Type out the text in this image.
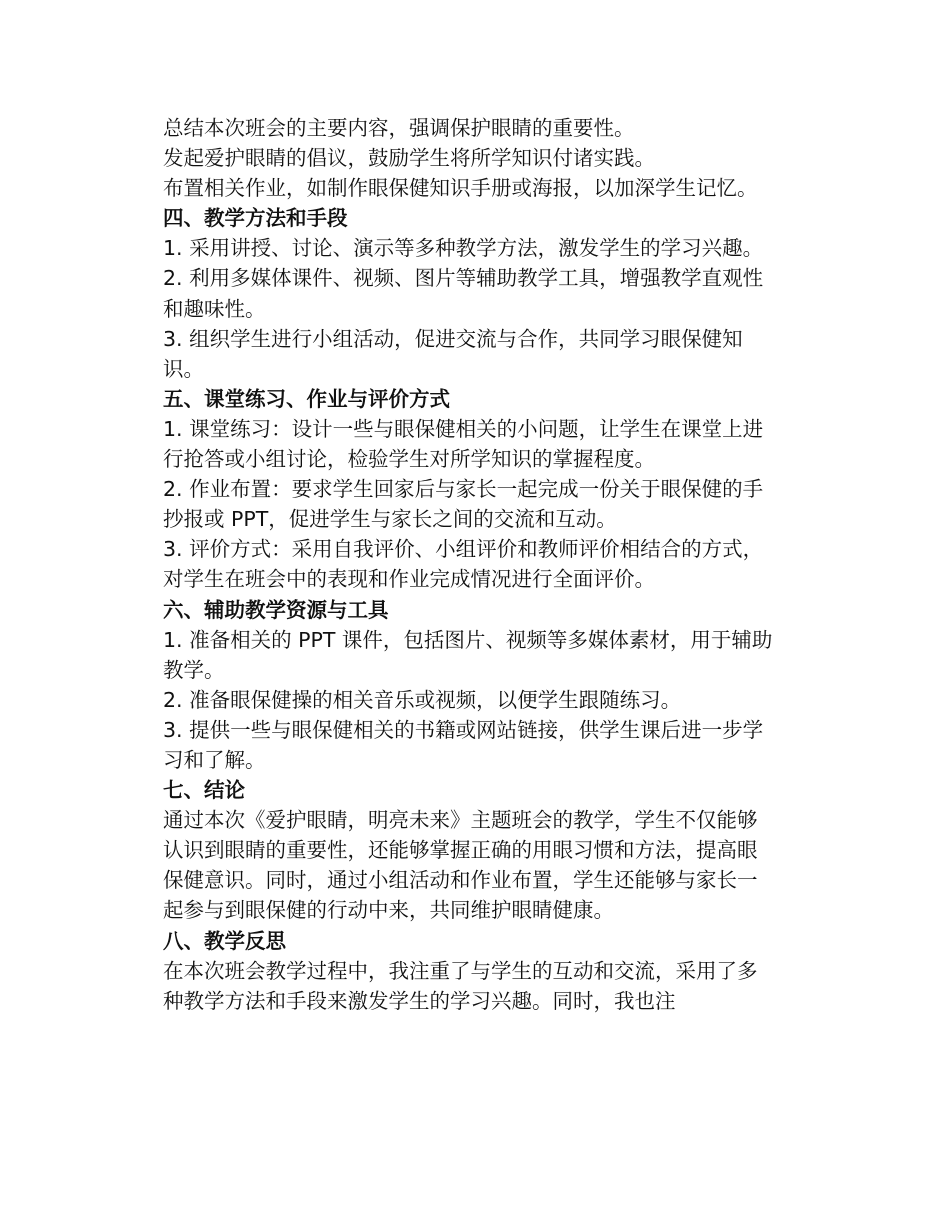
总结本次班会的主要内容，强调保护眼睛的重要性。

发起爱护眼睛的倡议，鼓励学生将所学知识付诸实践。

布置相关作业，如制作眼保健知识手册或海报，以加深学生记忆。

四、教学方法和手段

1. 采用讲授、讨论、演示等多种教学方法，激发学生的学习兴趣。

2. 利用多媒体课件、视频、图片等辅助教学工具，增强教学直观性和趣味性。

3. 组织学生进行小组活动，促进交流与合作，共同学习眼保健知识。

五、课堂练习、作业与评价方式

1. 课堂练习：设计一些与眼保健相关的小问题，让学生在课堂上进行抢答或小组讨论，检验学生对所学知识的掌握程度。

2. 作业布置：要求学生回家后与家长一起完成一份关于眼保健的手抄报或 PPT，促进学生与家长之间的交流和互动。

3. 评价方式：采用自我评价、小组评价和教师评价相结合的方式，对学生在班会中的表现和作业完成情况进行全面评价。

六、辅助教学资源与工具

1. 准备相关的 PPT 课件，包括图片、视频等多媒体素材，用于辅助教学。

2. 准备眼保健操的相关音乐或视频，以便学生跟随练习。

3. 提供一些与眼保健相关的书籍或网站链接，供学生课后进一步学习和了解。

七、结论

通过本次《爱护眼睛，明亮未来》主题班会的教学，学生不仅能够认识到眼睛的重要性，还能够掌握正确的用眼习惯和方法，提高眼保健意识。同时，通过小组活动和作业布置，学生还能够与家长一起参与到眼保健的行动中来，共同维护眼睛健康。

八、教学反思

在本次班会教学过程中，我注重了与学生的互动和交流，采用了多种教学方法和手段来激发学生的学习兴趣。同时，我也注
